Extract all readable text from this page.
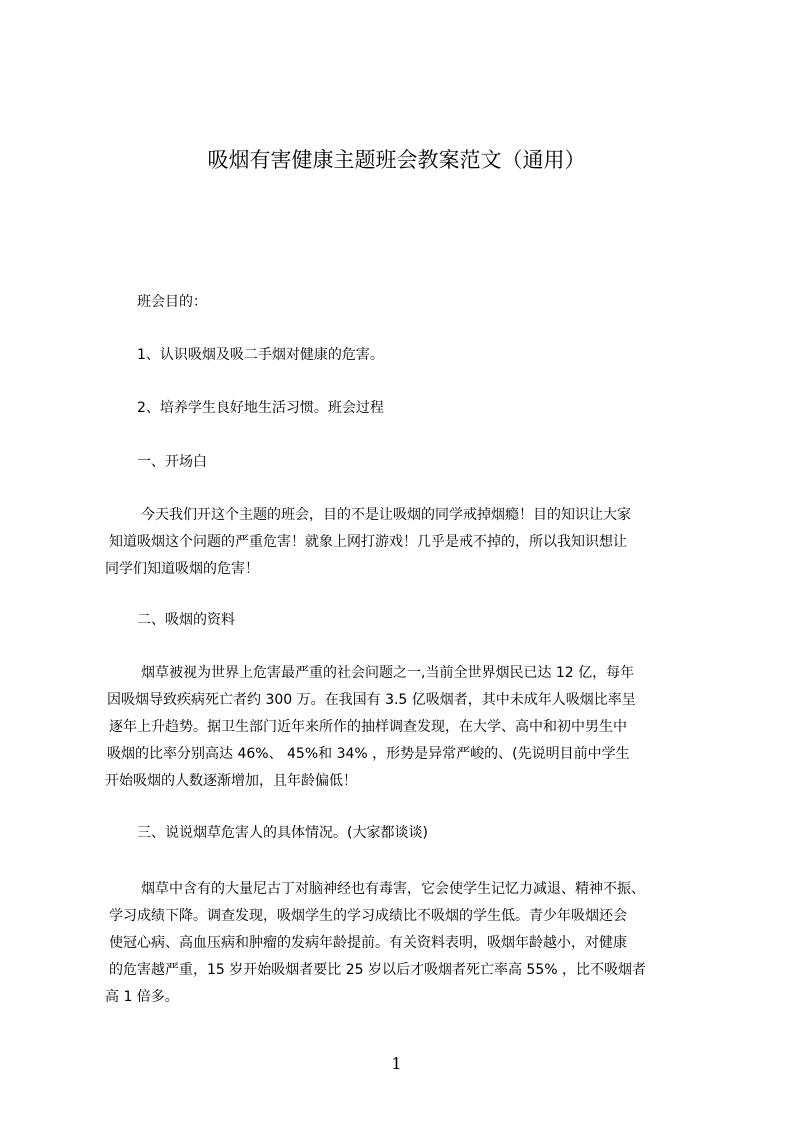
吸烟有害健康主题班会教案范文（通用）
班会目的：
1、认识吸烟及吸二手烟对健康的危害。
2、培养学生良好地生活习惯。班会过程
一、开场白
今天我们开这个主题的班会，目的不是让吸烟的同学戒掉烟瘾！目的知识让大家
知道吸烟这个问题的严重危害！就象上网打游戏！几乎是戒不掉的，所以我知识想让
同学们知道吸烟的危害！
二、吸烟的资料
烟草被视为世界上危害最严重的社会问题之一,当前全世界烟民已达 12 亿，每年
因吸烟导致疾病死亡者约 300 万。在我国有 3.5 亿吸烟者，其中未成年人吸烟比率呈
逐年上升趋势。据卫生部门近年来所作的抽样调查发现，在大学、高中和初中男生中
吸烟的比率分别高达 46%、 45%和 34% ，形势是异常严峻的、(先说明目前中学生
开始吸烟的人数逐渐增加，且年龄偏低！
三、说说烟草危害人的具体情况。(大家都谈谈)
烟草中含有的大量尼古丁对脑神经也有毒害，它会使学生记忆力减退、精神不振、
学习成绩下降。调查发现，吸烟学生的学习成绩比不吸烟的学生低。青少年吸烟还会
使冠心病、高血压病和肿瘤的发病年龄提前。有关资料表明，吸烟年龄越小，对健康
的危害越严重，15 岁开始吸烟者要比 25 岁以后才吸烟者死亡率高 55% ，比不吸烟者
高 1 倍多。
1
